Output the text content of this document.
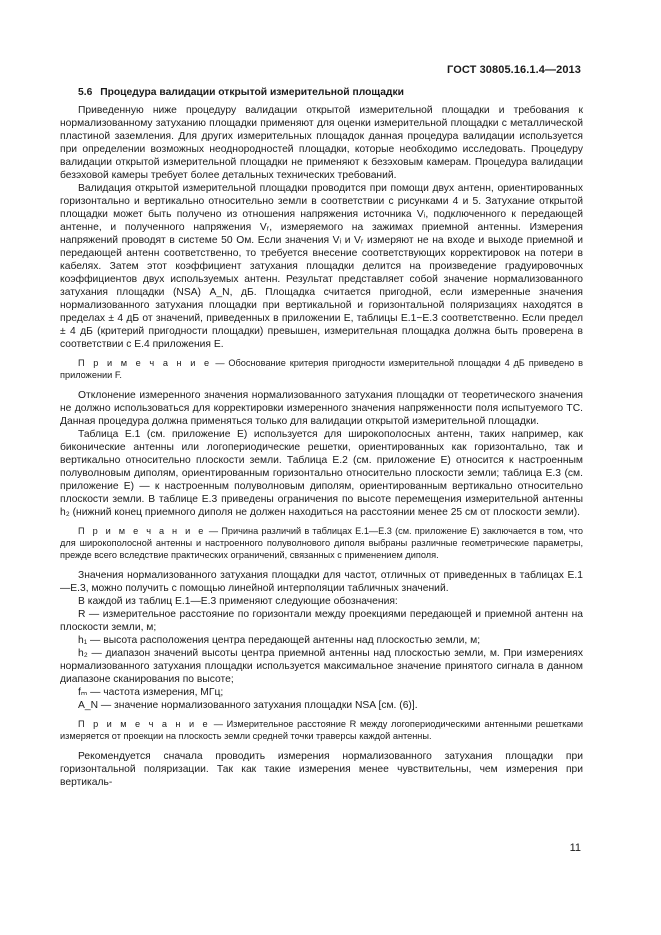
ГОСТ 30805.16.1.4—2013
5.6 Процедура валидации открытой измерительной площадки

Приведенную ниже процедуру валидации открытой измерительной площадки и требования к нормализованному затуханию площадки применяют для оценки измерительной площадки с металлической пластиной заземления. Для других измерительных площадок данная процедура валидации используется при определении возможных неоднородностей площадки, которые необходимо исследовать. Процедуру валидации открытой измерительной площадки не применяют к безэховым камерам. Процедура валидации безэховой камеры требует более детальных технических требований.

Валидация открытой измерительной площадки проводится при помощи двух антенн, ориентированных горизонтально и вертикально относительно земли в соответствии с рисунками 4 и 5. Затухание открытой площадки может быть получено из отношения напряжения источника Vᵢ, подключенного к передающей антенне, и полученного напряжения Vᵣ, измеряемого на зажимах приемной антенны. Измерения напряжений проводят в системе 50 Ом. Если значения Vᵢ и Vᵣ измеряют не на входе и выходе приемной и передающей антенн соответственно, то требуется внесение соответствующих корректировок на потери в кабелях. Затем этот коэффициент затухания площадки делится на произведение градуировочных коэффициентов двух используемых антенн. Результат представляет собой значение нормализованного затухания площадки (NSA) A_N, дБ. Площадка считается пригодной, если измеренные значения нормализованного затухания площадки при вертикальной и горизонтальной поляризациях находятся в пределах ± 4 дБ от значений, приведенных в приложении Е, таблицы Е.1−Е.3 соответственно. Если предел ± 4 дБ (критерий пригодности площадки) превышен, измерительная площадка должна быть проверена в соответствии с Е.4 приложения Е.

П р и м е ч а н и е — Обоснование критерия пригодности измерительной площадки 4 дБ приведено в приложении F.

Отклонение измеренного значения нормализованного затухания площадки от теоретического значения не должно использоваться для корректировки измеренного значения напряженности поля испытуемого ТС. Данная процедура должна применяться только для валидации открытой измерительной площадки.

Таблица Е.1 (см. приложение Е) используется для широкополосных антенн, таких например, как биконические антенны или логопериодические решетки, ориентированных как горизонтально, так и вертикально относительно плоскости земли. Таблица Е.2 (см. приложение Е) относится к настроенным полуволновым диполям, ориентированным горизонтально относительно плоскости земли; таблица Е.3 (см. приложение Е) — к настроенным полуволновым диполям, ориентированным вертикально относительно плоскости земли. В таблице Е.3 приведены ограничения по высоте перемещения измерительной антенны h₂ (нижний конец приемного диполя не должен находиться на расстоянии менее 25 см от плоскости земли).

П р и м е ч а н и е — Причина различий в таблицах Е.1—Е.3 (см. приложение Е) заключается в том, что для широкополосной антенны и настроенного полуволнового диполя выбраны различные геометрические параметры, прежде всего вследствие практических ограничений, связанных с применением диполя.

Значения нормализованного затухания площадки для частот, отличных от приведенных в таблицах Е.1—Е.3, можно получить с помощью линейной интерполяции табличных значений.

В каждой из таблиц Е.1—Е.3 применяют следующие обозначения:

R — измерительное расстояние по горизонтали между проекциями передающей и приемной антенн на плоскости земли, м;
h₁ — высота расположения центра передающей антенны над плоскостью земли, м;
h₂ — диапазон значений высоты центра приемной антенны над плоскостью земли, м. При измерениях нормализованного затухания площадки используется максимальное значение принятого сигнала в данном диапазоне сканирования по высоте;
fₘ — частота измерения, МГц;
A_N — значение нормализованного затухания площадки NSA [см. (6)].
П р и м е ч а н и е — Измерительное расстояние R между логопериодическими антенными решетками измеряется от проекции на плоскость земли средней точки траверсы каждой антенны.

Рекомендуется сначала проводить измерения нормализованного затухания площадки при горизонтальной поляризации. Так как такие измерения менее чувствительны, чем измерения при вертикаль-

11
